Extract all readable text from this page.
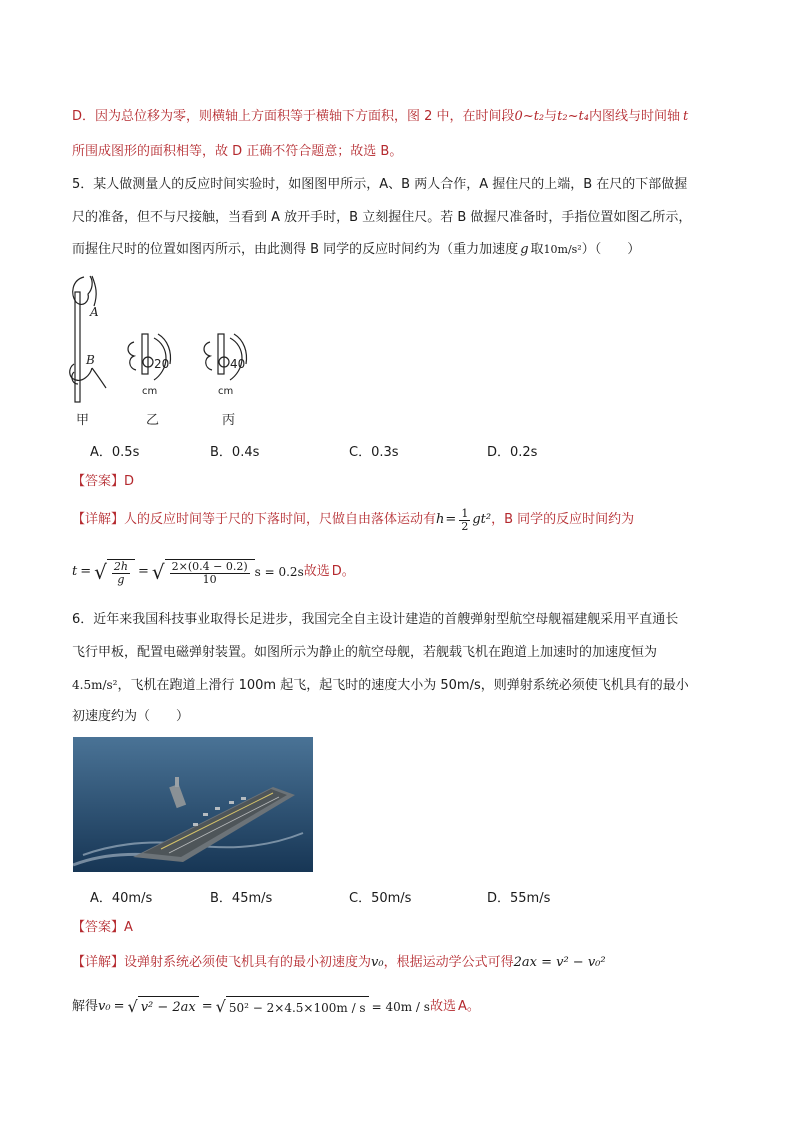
D．因为总位移为零，则横轴上方面积等于横轴下方面积，图 2 中，在时间段0~t₂与t₂~t₄内图线与时间轴 t
所围成图形的面积相等，故 D 正确不符合题意；故选 B。
5．某人做测量人的反应时间实验时，如图图甲所示，A、B 两人合作，A 握住尺的上端，B 在尺的下部做握
尺的准备，但不与尺接触，当看到 A 放开手时，B 立刻握住尺。若 B 做握尺准备时，手指位置如图乙所示，
而握住尺时的位置如图丙所示，由此测得 B 同学的反应时间约为（重力加速度 g 取10m/s²）（　　）
A
B	20	40
cm	cm
甲	乙	丙
A．0.5s	B．0.4s	C．0.3s	D．0.2s
【答案】D
【详解】 人的反应时间等于尺的下落时间，尺做自由落体运动有 $h = \frac{1}{2} gt^2$ ，B 同学的反应时间约为
t = √ $\frac{2h}{g}$ = √ $\frac{2\times(0.4 - 0.2)}{10}$ s = 0.2s 故选 D 。
6．近年来我国科技事业取得长足进步，我国完全自主设计建造的首艘弹射型航空母舰福建舰采用平直通长
飞行甲板，配置电磁弹射装置。如图所示为静止的航空母舰，若舰载飞机在跑道上加速时的加速度恒为
4.5m/s²，飞机在跑道上滑行 100m 起飞，起飞时的速度大小为 50m/s，则弹射系统必须使飞机具有的最小
初速度约为（　　）
A．40m/s	B．45m/s	C．50m/s	D．55m/s
【答案】A
【详解】设弹射系统必须使飞机具有的最小初速度为v₀，根据运动学公式可得2ax = v² − v₀²
解得 v₀ = √ v² − 2ax = √ 50² − 2×4.5×100m / s = 40m / s 故选 A 。
